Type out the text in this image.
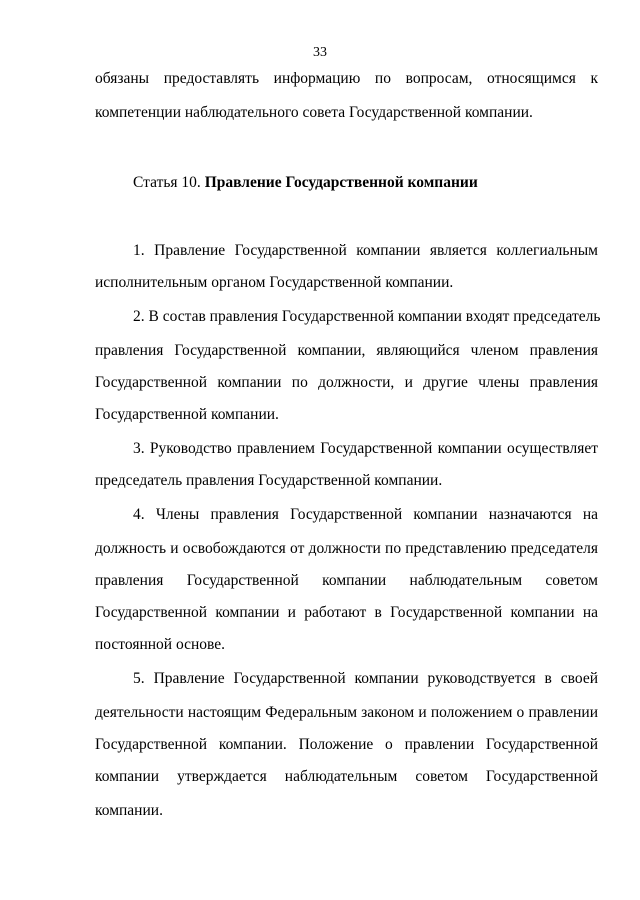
33
обязаны предоставлять информацию по вопросам, относящимся к
компетенции наблюдательного совета Государственной компании.
Статья 10. Правление Государственной компании
1. Правление Государственной компании является коллегиальным
исполнительным органом Государственной компании.
2. В состав правления Государственной компании входят председатель
правления Государственной компании, являющийся членом правления
Государственной компании по должности, и другие члены правления
Государственной компании.
3. Руководство правлением Государственной компании осуществляет
председатель правления Государственной компании.
4. Члены правления Государственной компании назначаются на
должность и освобождаются от должности по представлению председателя
правления Государственной компании наблюдательным советом
Государственной компании и работают в Государственной компании на
постоянной основе.
5. Правление Государственной компании руководствуется в своей
деятельности настоящим Федеральным законом и положением о правлении
Государственной компании. Положение о правлении Государственной
компании утверждается наблюдательным советом Государственной
компании.
